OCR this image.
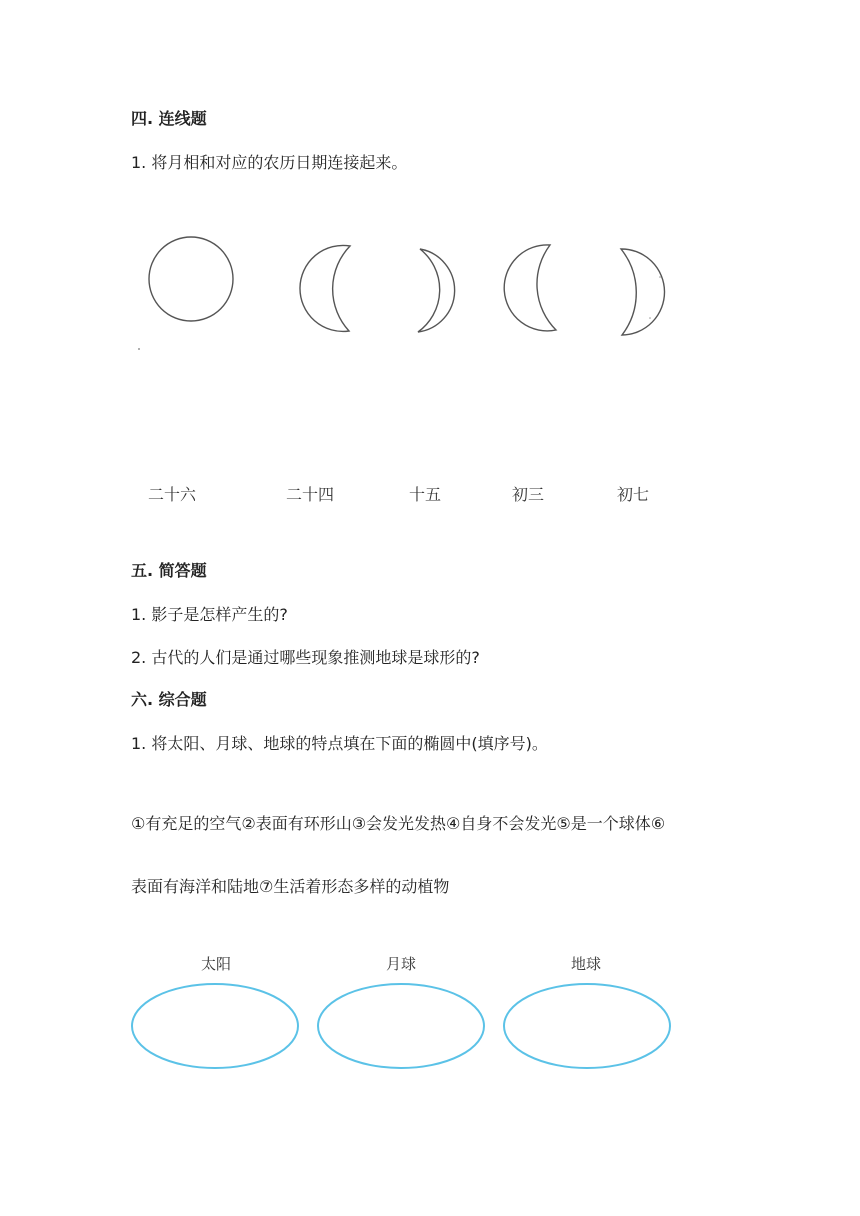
四. 连线题
1. 将月相和对应的农历日期连接起来。
二十六	二十四	十五	初三	初七
五. 简答题
1. 影子是怎样产生的?
2. 古代的人们是通过哪些现象推测地球是球形的?
六. 综合题
1. 将太阳、月球、地球的特点填在下面的椭圆中(填序号)。
①有充足的空气②表面有环形山③会发光发热④自身不会发光⑤是一个球体⑥
表面有海洋和陆地⑦生活着形态多样的动植物
太阳	月球	地球
